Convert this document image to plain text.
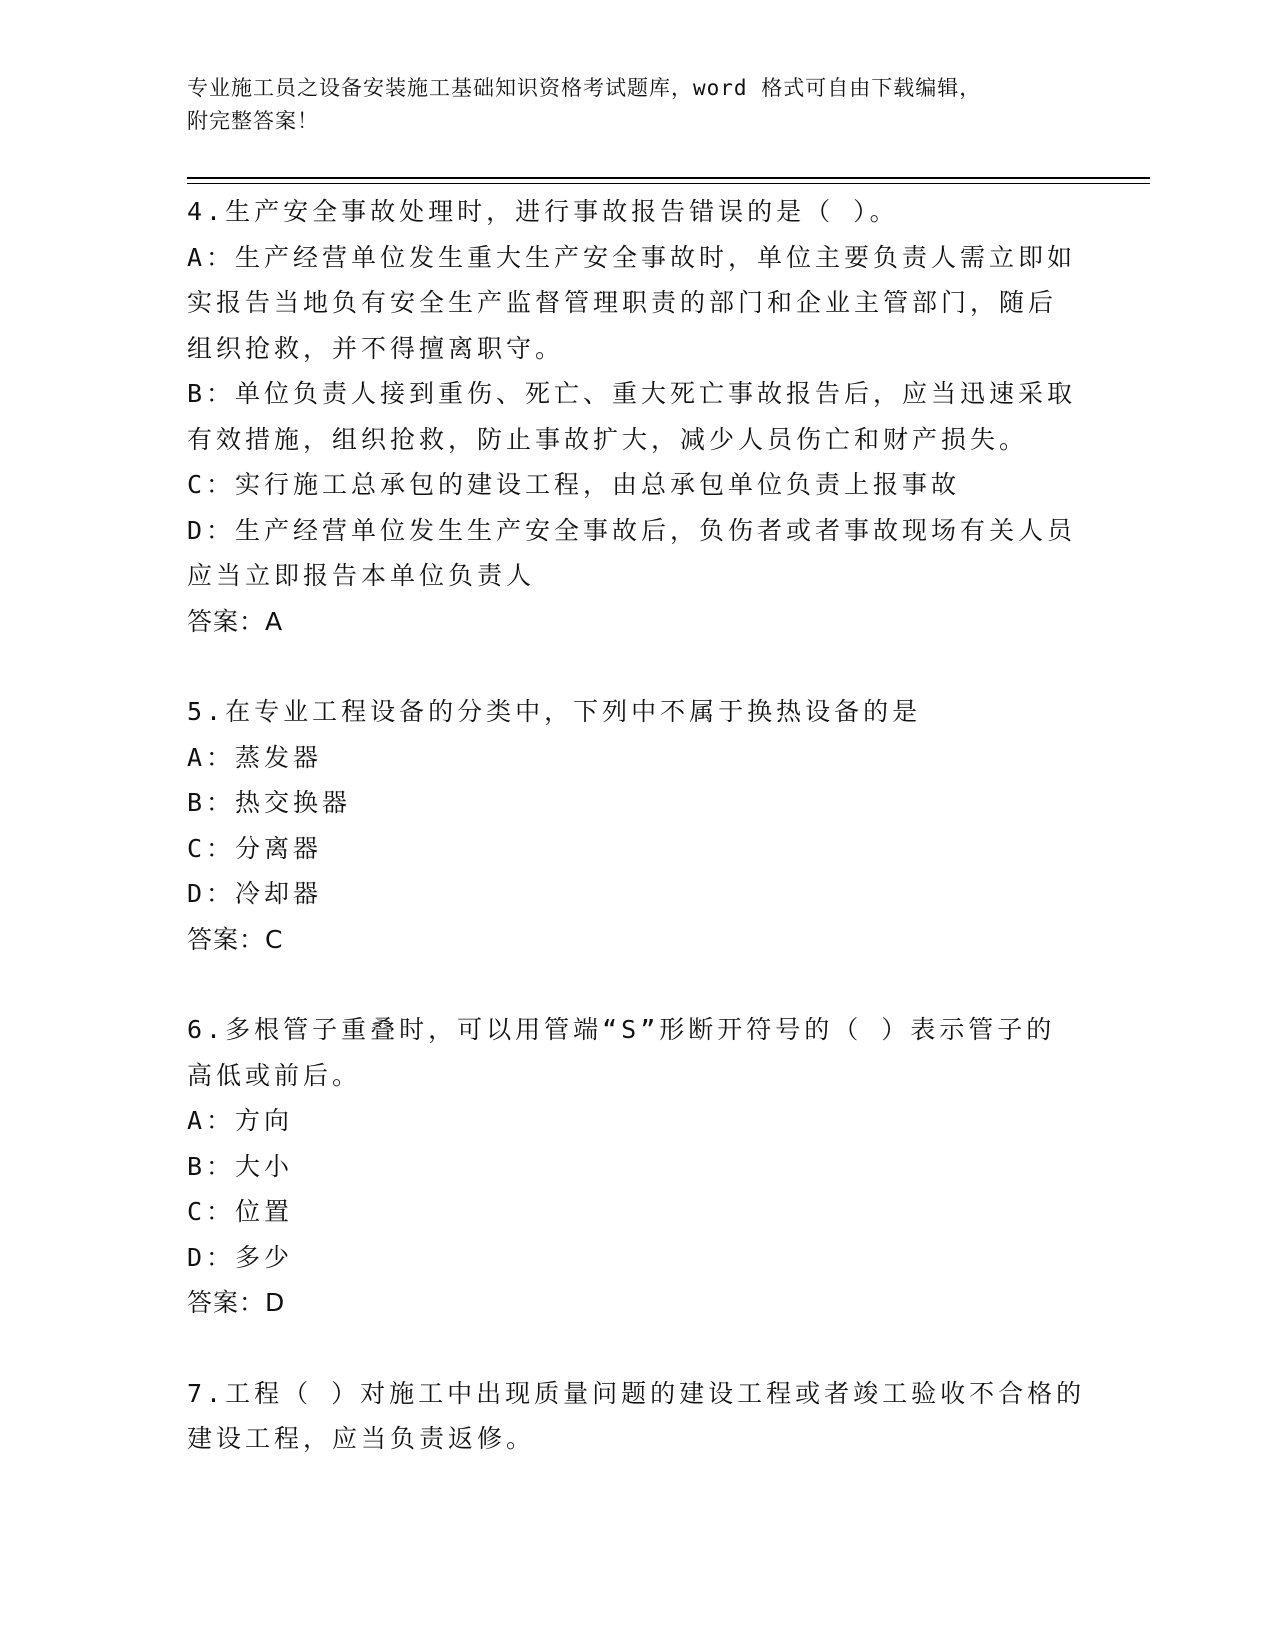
专业施工员之设备安装施工基础知识资格考试题库，word 格式可自由下载编辑，
附完整答案！
4.生产安全事故处理时，进行事故报告错误的是（ ）。
A：生产经营单位发生重大生产安全事故时，单位主要负责人需立即如
实报告当地负有安全生产监督管理职责的部门和企业主管部门，随后
组织抢救，并不得擅离职守。
B：单位负责人接到重伤、死亡、重大死亡事故报告后，应当迅速采取
有效措施，组织抢救，防止事故扩大，减少人员伤亡和财产损失。
C：实行施工总承包的建设工程，由总承包单位负责上报事故
D：生产经营单位发生生产安全事故后，负伤者或者事故现场有关人员
应当立即报告本单位负责人
答案：A
5.在专业工程设备的分类中，下列中不属于换热设备的是
A：蒸发器
B：热交换器
C：分离器
D：冷却器
答案：C
6.多根管子重叠时，可以用管端“S”形断开符号的（ ）表示管子的
高低或前后。
A：方向
B：大小
C：位置
D：多少
答案：D
7.工程（ ）对施工中出现质量问题的建设工程或者竣工验收不合格的
建设工程，应当负责返修。
